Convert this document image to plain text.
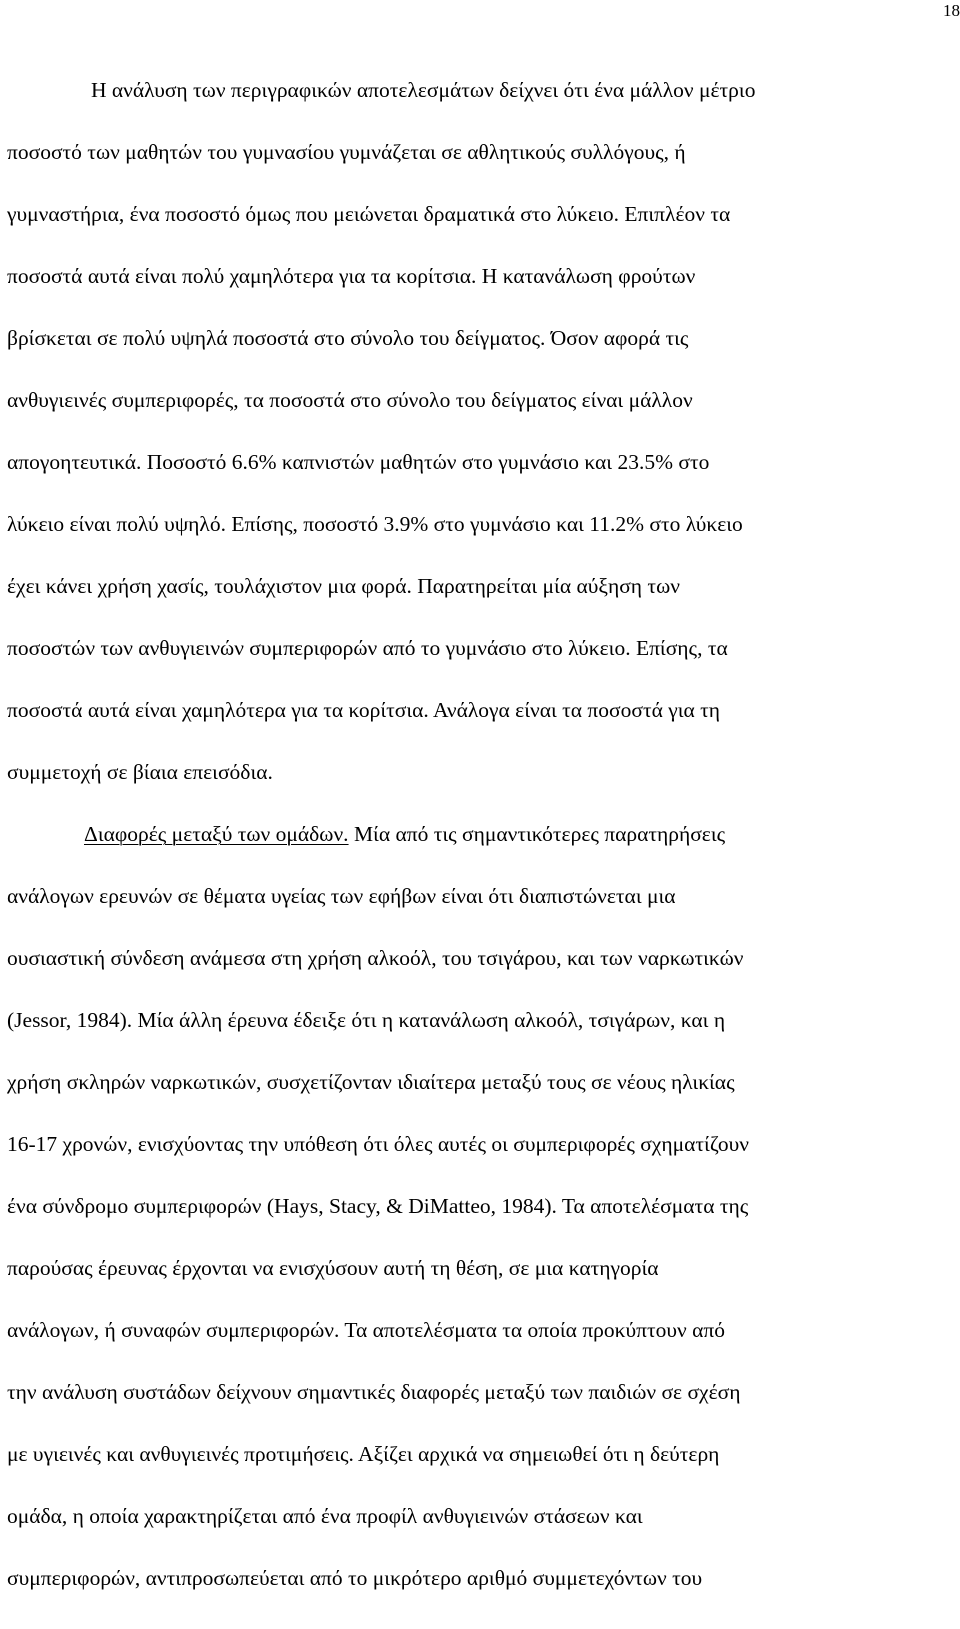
18
Η ανάλυση των περιγραφικών αποτελεσμάτων δείχνει ότι ένα μάλλον μέτριο
ποσοστό των μαθητών του γυμνασίου γυμνάζεται σε αθλητικούς συλλόγους, ή
γυμναστήρια, ένα ποσοστό όμως που μειώνεται δραματικά στο λύκειο. Επιπλέον τα
ποσοστά αυτά είναι πολύ χαμηλότερα για τα κορίτσια. Η κατανάλωση φρούτων
βρίσκεται σε πολύ υψηλά ποσοστά στο σύνολο του δείγματος. Όσον αφορά τις
ανθυγιεινές συμπεριφορές, τα ποσοστά στο σύνολο του δείγματος είναι μάλλον
απογοητευτικά. Ποσοστό 6.6% καπνιστών μαθητών στο γυμνάσιο και 23.5% στο
λύκειο είναι πολύ υψηλό. Επίσης, ποσοστό 3.9% στο γυμνάσιο και 11.2% στο λύκειο
έχει κάνει χρήση χασίς, τουλάχιστον μια φορά. Παρατηρείται μία αύξηση των
ποσοστών των ανθυγιεινών συμπεριφορών από το γυμνάσιο στο λύκειο. Επίσης, τα
ποσοστά αυτά είναι χαμηλότερα για τα κορίτσια. Ανάλογα είναι τα ποσοστά για τη
συμμετοχή σε βίαια επεισόδια.
Διαφορές μεταξύ των ομάδων. Μία από τις σημαντικότερες παρατηρήσεις
ανάλογων ερευνών σε θέματα υγείας των εφήβων είναι ότι διαπιστώνεται μια
ουσιαστική σύνδεση ανάμεσα στη χρήση αλκοόλ, του τσιγάρου, και των ναρκωτικών
(Jessor, 1984). Μία άλλη έρευνα έδειξε ότι η κατανάλωση αλκοόλ, τσιγάρων, και η
χρήση σκληρών ναρκωτικών, συσχετίζονταν ιδιαίτερα μεταξύ τους σε νέους ηλικίας
16-17 χρονών, ενισχύοντας την υπόθεση ότι όλες αυτές οι συμπεριφορές σχηματίζουν
ένα σύνδρομο συμπεριφορών (Hays, Stacy, & DiMatteo, 1984). Τα αποτελέσματα της
παρούσας έρευνας έρχονται να ενισχύσουν αυτή τη θέση, σε μια κατηγορία
ανάλογων, ή συναφών συμπεριφορών. Τα αποτελέσματα τα οποία προκύπτουν από
την ανάλυση συστάδων δείχνουν σημαντικές διαφορές μεταξύ των παιδιών σε σχέση
με υγιεινές και ανθυγιεινές προτιμήσεις. Αξίζει αρχικά να σημειωθεί ότι η δεύτερη
ομάδα, η οποία χαρακτηρίζεται από ένα προφίλ ανθυγιεινών στάσεων και
συμπεριφορών, αντιπροσωπεύεται από το μικρότερο αριθμό συμμετεχόντων του
